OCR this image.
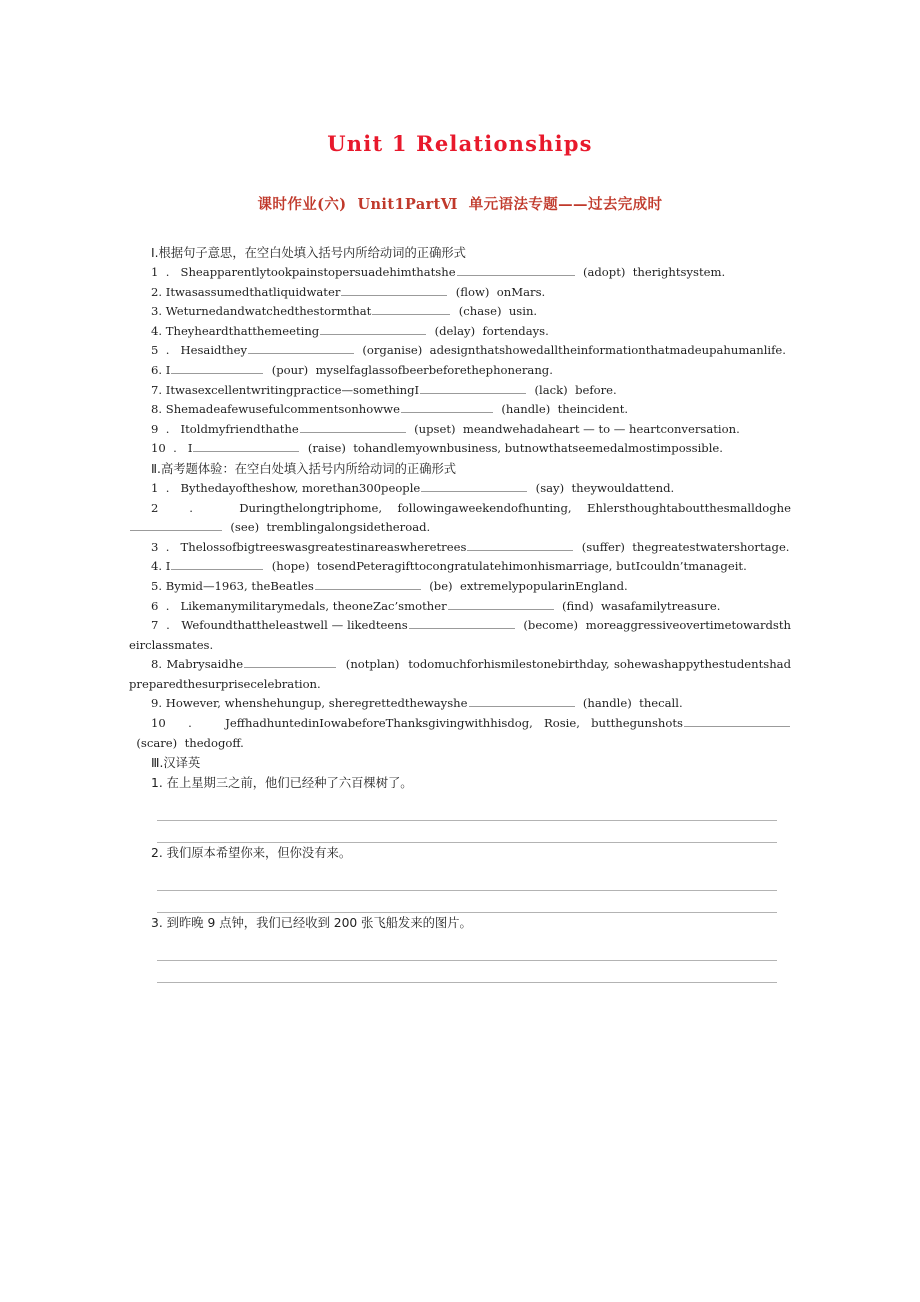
Unit 1 Relationships
课时作业(六)  Unit1PartⅥ  单元语法专题——过去完成时
Ⅰ.根据句子意思，在空白处填入括号内所给动词的正确形式

1  .   Sheapparentlytookpainstopersuadehimthatshe	(adopt) therightsystem.

2. Itwasassumedthatliquidwater	(flow) onMars.

3. Weturnedandwatchedthestormthat	(chase) usin.

4. Theyheardthatthemeeting	(delay) fortendays.

5  .   Hesaidthey	(organise) adesignthatshowedalltheinformationthatmadeupahumanlife.

6. I	(pour) myselfaglassofbeerbeforethephonerang.

7. Itwasexcellentwritingpractice—somethingI	(lack) before.

8. Shemadeafewusefulcommentsonhowwe	(handle) theincident.

9  .   Itoldmyfriendthathe	(upset) meandwehadaheart — to — heartconversation.

10  .   I	(raise) tohandlemyownbusiness, butnowthatseemedalmostimpossible.

Ⅱ.高考题体验：在空白处填入括号内所给动词的正确形式

1  .   Bythedayoftheshow, morethan300people	(say) theywouldattend.

2  .   Duringthelongtriphome, followingaweekendofhunting, Ehlersthoughtaboutthesmalldoghe  (see) tremblingalongsidetheroad.

3  .   Thelossofbigtreeswasgreatestinareaswheretrees	(suffer) thegreatestwatershortage.

4. I	(hope) tosendPeteragifttocongratulatehimonhismarriage, butIcouldn’tmanageit.

5. Bymid—1963, theBeatles	(be) extremelypopularinEngland.

6  .   Likemanymilitarymedals, theoneZac’smother	(find) wasafamilytreasure.

7  .   Wefoundthattheleastwell — likedteens	(become) moreaggressiveovertimetowardstheirclassmates.

8. Mabrysaidhe	(notplan) todomuchforhismilestonebirthday, sohewashappythestudentshadpreparedthesurprisecelebration.

9. However, whenshehungup, sheregrettedthewayshe	(handle) thecall.

10  .   JeffhadhuntedinIowabeforeThanksgivingwithhisdog, Rosie, butthegunshots  (scare) thedogoff.

Ⅲ.汉译英

1. 在上星期三之前，他们已经种了六百棵树了。

2. 我们原本希望你来，但你没有来。

3. 到昨晚 9 点钟，我们已经收到 200 张飞船发来的图片。
